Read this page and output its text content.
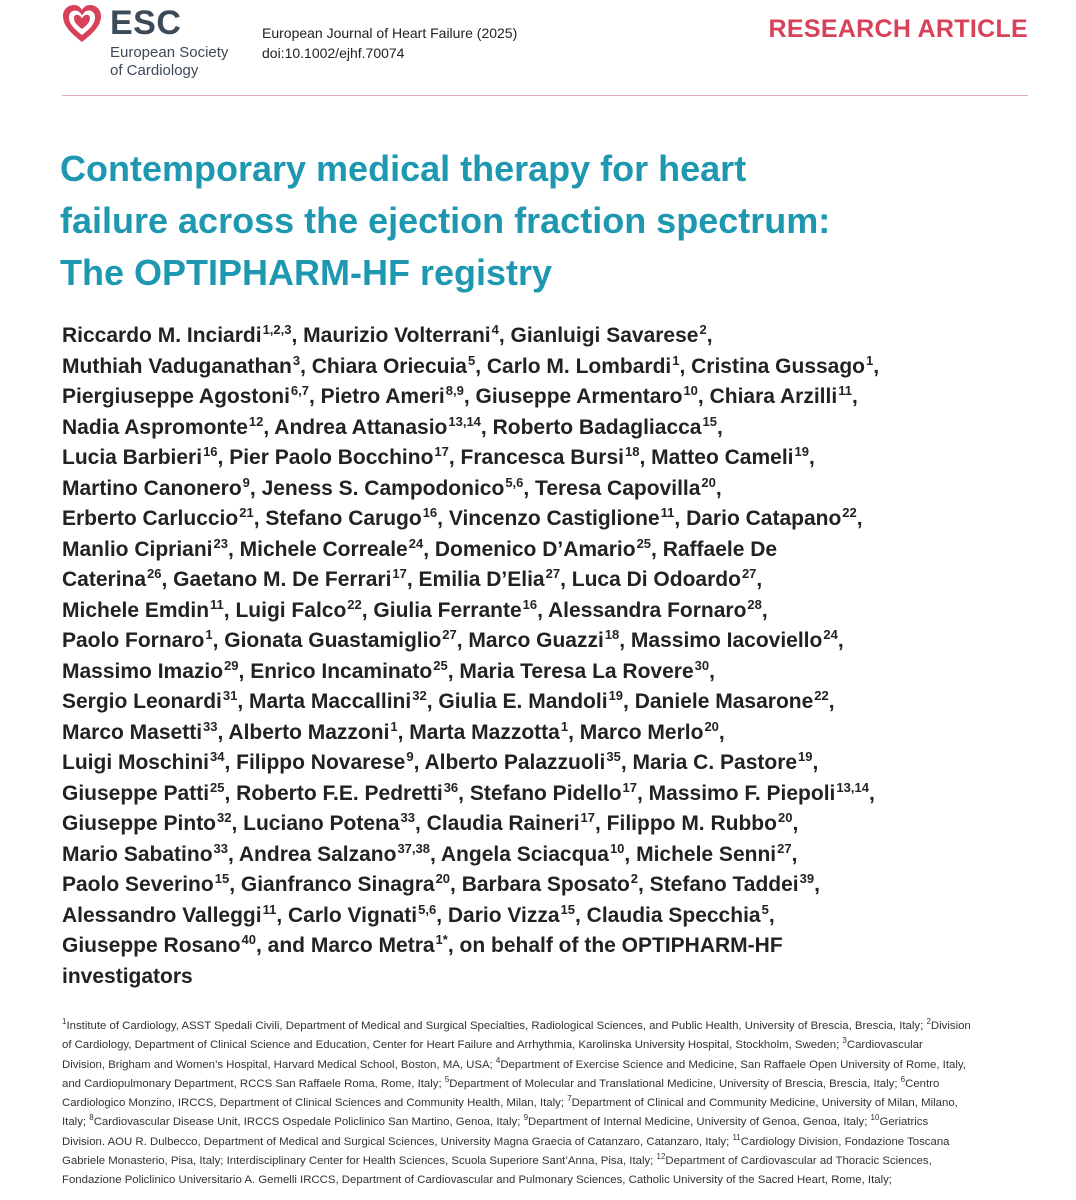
ESC
European Society
of Cardiology
European Journal of Heart Failure (2025)
doi:10.1002/ejhf.70074
RESEARCH ARTICLE
Contemporary medical therapy for heart
failure across the ejection fraction spectrum:
The OPTIPHARM-HF registry
Riccardo M. Inciardi$^{1,2,3}$, Maurizio Volterrani$^4$, Gianluigi Savarese$^2$,
Muthiah Vaduganathan$^3$, Chiara Oriecuia$^5$, Carlo M. Lombardi$^1$, Cristina Gussago$^1$,
Piergiuseppe Agostoni$^{6,7}$, Pietro Ameri$^{8,9}$, Giuseppe Armentaro$^{10}$, Chiara Arzilli$^{11}$,
Nadia Aspromonte$^{12}$, Andrea Attanasio$^{13,14}$, Roberto Badagliacca$^{15}$,
Lucia Barbieri$^{16}$, Pier Paolo Bocchino$^{17}$, Francesca Bursi$^{18}$, Matteo Cameli$^{19}$,
Martino Canonero$^9$, Jeness S. Campodonico$^{5,6}$, Teresa Capovilla$^{20}$,
Erberto Carluccio$^{21}$, Stefano Carugo$^{16}$, Vincenzo Castiglione$^{11}$, Dario Catapano$^{22}$,
Manlio Cipriani$^{23}$, Michele Correale$^{24}$, Domenico D’Amario$^{25}$, Raffaele De
Caterina$^{26}$, Gaetano M. De Ferrari$^{17}$, Emilia D’Elia$^{27}$, Luca Di Odoardo$^{27}$,
Michele Emdin$^{11}$, Luigi Falco$^{22}$, Giulia Ferrante$^{16}$, Alessandra Fornaro$^{28}$,
Paolo Fornaro$^1$, Gionata Guastamiglio$^{27}$, Marco Guazzi$^{18}$, Massimo Iacoviello$^{24}$,
Massimo Imazio$^{29}$, Enrico Incaminato$^{25}$, Maria Teresa La Rovere$^{30}$,
Sergio Leonardi$^{31}$, Marta Maccallini$^{32}$, Giulia E. Mandoli$^{19}$, Daniele Masarone$^{22}$,
Marco Masetti$^{33}$, Alberto Mazzoni$^1$, Marta Mazzotta$^1$, Marco Merlo$^{20}$,
Luigi Moschini$^{34}$, Filippo Novarese$^9$, Alberto Palazzuoli$^{35}$, Maria C. Pastore$^{19}$,
Giuseppe Patti$^{25}$, Roberto F.E. Pedretti$^{36}$, Stefano Pidello$^{17}$, Massimo F. Piepoli$^{13,14}$,
Giuseppe Pinto$^{32}$, Luciano Potena$^{33}$, Claudia Raineri$^{17}$, Filippo M. Rubbo$^{20}$,
Mario Sabatino$^{33}$, Andrea Salzano$^{37,38}$, Angela Sciacqua$^{10}$, Michele Senni$^{27}$,
Paolo Severino$^{15}$, Gianfranco Sinagra$^{20}$, Barbara Sposato$^2$, Stefano Taddei$^{39}$,
Alessandro Valleggi$^{11}$, Carlo Vignati$^{5,6}$, Dario Vizza$^{15}$, Claudia Specchia$^5$,
Giuseppe Rosano$^{40}$, and Marco Metra$^{1*}$, on behalf of the OPTIPHARM-HF
investigators
$^1$Institute of Cardiology, ASST Spedali Civili, Department of Medical and Surgical Specialties, Radiological Sciences, and Public Health, University of Brescia, Brescia, Italy; $^2$Division
of Cardiology, Department of Clinical Science and Education, Center for Heart Failure and Arrhythmia, Karolinska University Hospital, Stockholm, Sweden; $^3$Cardiovascular
Division, Brigham and Women’s Hospital, Harvard Medical School, Boston, MA, USA; $^4$Department of Exercise Science and Medicine, San Raffaele Open University of Rome, Italy,
and Cardiopulmonary Department, RCCS San Raffaele Roma, Rome, Italy; $^5$Department of Molecular and Translational Medicine, University of Brescia, Brescia, Italy; $^6$Centro
Cardiologico Monzino, IRCCS, Department of Clinical Sciences and Community Health, Milan, Italy; $^7$Department of Clinical and Community Medicine, University of Milan, Milano,
Italy; $^8$Cardiovascular Disease Unit, IRCCS Ospedale Policlinico San Martino, Genoa, Italy; $^9$Department of Internal Medicine, University of Genoa, Genoa, Italy; $^{10}$Geriatrics
Division. AOU R. Dulbecco, Department of Medical and Surgical Sciences, University Magna Graecia of Catanzaro, Catanzaro, Italy; $^{11}$Cardiology Division, Fondazione Toscana
Gabriele Monasterio, Pisa, Italy; Interdisciplinary Center for Health Sciences, Scuola Superiore Sant’Anna, Pisa, Italy; $^{12}$Department of Cardiovascular ad Thoracic Sciences,
Fondazione Policlinico Universitario A. Gemelli IRCCS, Department of Cardiovascular and Pulmonary Sciences, Catholic University of the Sacred Heart, Rome, Italy;
